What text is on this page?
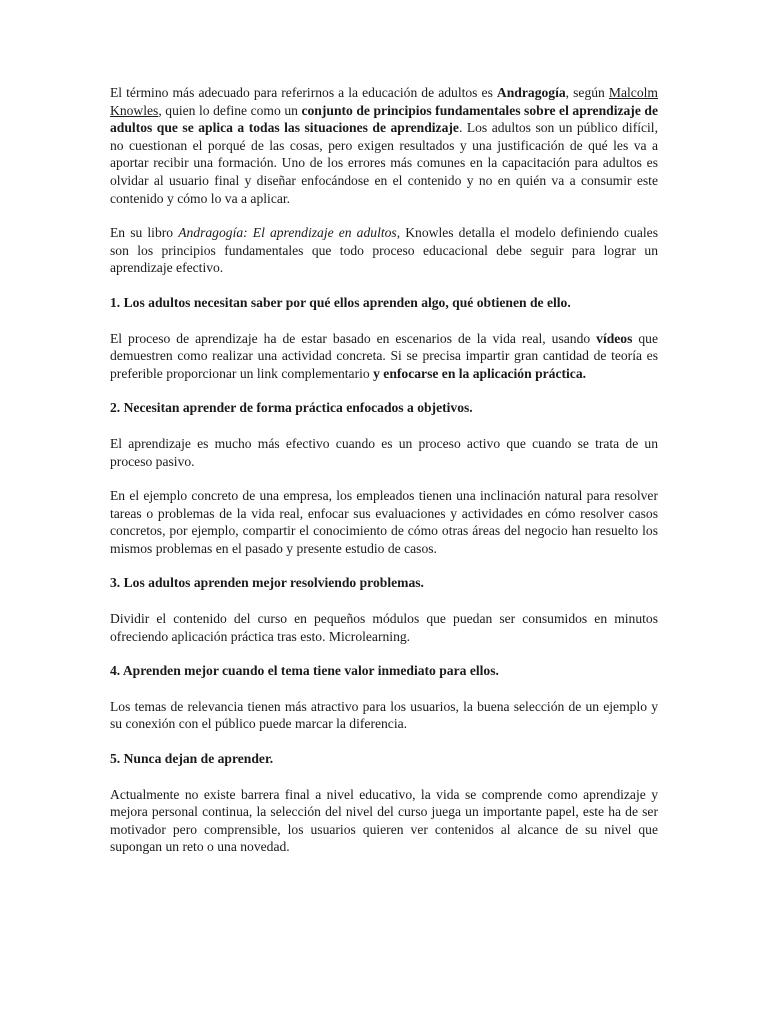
El término más adecuado para referirnos a la educación de adultos es Andragogía, según Malcolm Knowles, quien lo define como un conjunto de principios fundamentales sobre el aprendizaje de adultos que se aplica a todas las situaciones de aprendizaje. Los adultos son un público difícil, no cuestionan el porqué de las cosas, pero exigen resultados y una justificación de qué les va a aportar recibir una formación. Uno de los errores más comunes en la capacitación para adultos es olvidar al usuario final y diseñar enfocándose en el contenido y no en quién va a consumir este contenido y cómo lo va a aplicar.

En su libro Andragogía: El aprendizaje en adultos, Knowles detalla el modelo definiendo cuales son los principios fundamentales que todo proceso educacional debe seguir para lograr un aprendizaje efectivo.

1. Los adultos necesitan saber por qué ellos aprenden algo, qué obtienen de ello.

El proceso de aprendizaje ha de estar basado en escenarios de la vida real, usando vídeos que demuestren como realizar una actividad concreta. Si se precisa impartir gran cantidad de teoría es preferible proporcionar un link complementario y enfocarse en la aplicación práctica.

2. Necesitan aprender de forma práctica enfocados a objetivos.

El aprendizaje es mucho más efectivo cuando es un proceso activo que cuando se trata de un proceso pasivo.

En el ejemplo concreto de una empresa, los empleados tienen una inclinación natural para resolver tareas o problemas de la vida real, enfocar sus evaluaciones y actividades en cómo resolver casos concretos, por ejemplo, compartir el conocimiento de cómo otras áreas del negocio han resuelto los mismos problemas en el pasado y presente estudio de casos.

3. Los adultos aprenden mejor resolviendo problemas.

Dividir el contenido del curso en pequeños módulos que puedan ser consumidos en minutos ofreciendo aplicación práctica tras esto. Microlearning.

4. Aprenden mejor cuando el tema tiene valor inmediato para ellos.

Los temas de relevancia tienen más atractivo para los usuarios, la buena selección de un ejemplo y su conexión con el público puede marcar la diferencia.

5. Nunca dejan de aprender.

Actualmente no existe barrera final a nivel educativo, la vida se comprende como aprendizaje y mejora personal continua, la selección del nivel del curso juega un importante papel, este ha de ser motivador pero comprensible, los usuarios quieren ver contenidos al alcance de su nivel que supongan un reto o una novedad.
